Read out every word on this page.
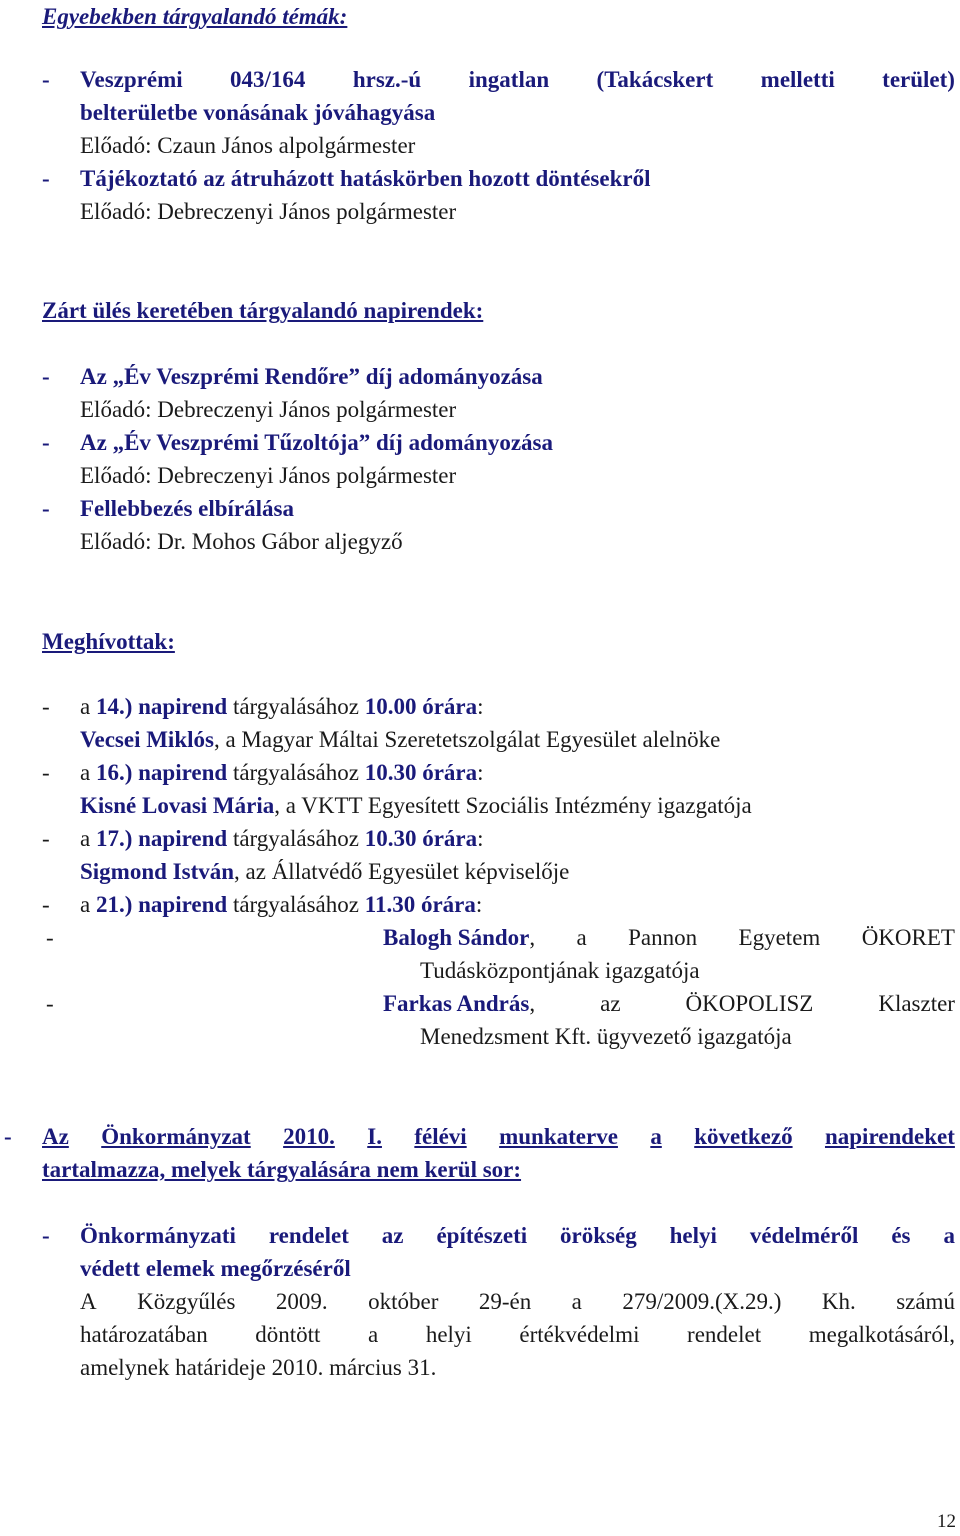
Egyebekben tárgyalandó témák:
- Veszprémi 043/164 hrsz.-ú ingatlan (Takácskert melletti terület)
belterületbe vonásának jóváhagyása
Előadó: Czaun János alpolgármester
- Tájékoztató az átruházott hatáskörben hozott döntésekről
Előadó: Debreczenyi János polgármester
Zárt ülés keretében tárgyalandó napirendek:
- Az „Év Veszprémi Rendőre” díj adományozása
Előadó: Debreczenyi János polgármester
- Az „Év Veszprémi Tűzoltója” díj adományozása
Előadó: Debreczenyi János polgármester
- Fellebbezés elbírálása
Előadó: Dr. Mohos Gábor aljegyző
Meghívottak:
- a 14.) napirend tárgyalásához 10.00 órára:
Vecsei Miklós, a Magyar Máltai Szeretetszolgálat Egyesület alelnöke
- a 16.) napirend tárgyalásához 10.30 órára:
Kisné Lovasi Mária, a VKTT Egyesített Szociális Intézmény igazgatója
- a 17.) napirend tárgyalásához 10.30 órára:
Sigmond István, az Állatvédő Egyesület képviselője
- a 21.) napirend tárgyalásához 11.30 órára:
-	Balogh Sándor, a Pannon Egyetem ÖKORET
Tudásközpontjának igazgatója
-	Farkas András,	az	ÖKOPOLISZ	Klaszter
Menedzsment Kft. ügyvezető igazgatója
- Az Önkormányzat 2010. I. félévi munkaterve a következő napirendeket
tartalmazza, melyek tárgyalására nem kerül sor:
- Önkormányzati rendelet az építészeti örökség helyi védelméről és a
védett elemek megőrzéséről
A Közgyűlés 2009. október 29-én a 279/2009.(X.29.) Kh. számú
határozatában döntött a helyi értékvédelmi rendelet megalkotásáról,
amelynek határideje 2010. március 31.
12
